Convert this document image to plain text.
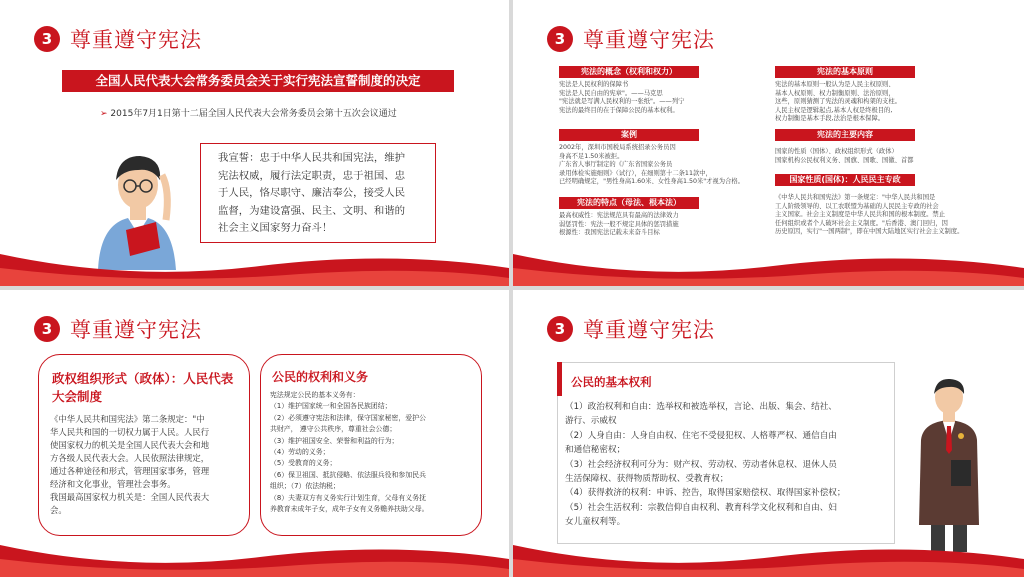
3 尊重遵守宪法
全国人民代表大会常务委员会关于实行宪法宣誓制度的决定
➢ 2015年7月1日第十二届全国人民代表大会常务委员会第十五次会议通过
我宣誓：忠于中华人民共和国宪法，维护
宪法权威，履行法定职责，忠于祖国、忠
于人民，恪尽职守、廉洁奉公，接受人民
监督，为建设富强、民主、文明、和谐的
社会主义国家努力奋斗！
3 尊重遵守宪法
宪法的概念（权利和权力）
宪法是人民权利的保障书
宪法是人民自由的宪章"。——马克思
"宪法就是写满人民权利的一张纸"。——列宁
宪法的最终目的在于保障公民的基本权利。
案例
2002年，深圳市国税局系统招录公务员因
身高不足1.50米被拒。
广东省人事厅制定的《广东省国家公务员
录用体检实施细则》（试行），在细则第十二条11款中，
已经明确规定，"男性身高1.60米、女性身高1.50米"才视为合格。
宪法的特点（母法、根本法）
最高权威性：宪法规范具有最高的法律效力
弱惩罚性：宪法一般不规定具体的惩罚措施
根源性：我国宪法记载未来奋斗目标
宪法的基本原则
宪法的基本原则一般认为是人民主权原则、
基本人权原则、权力制衡原则、法治原则，
这些，原则猜测了宪法的灵魂和构架的支柱。
人民主权是逻辑起点,基本人权是终极目的,
权力制衡是基本手段,法治是根本保障。
宪法的主要内容
国家的性质（国体）、政权组织形式（政体）
国家机构公民权利义务、国旗、国歌、国徽、首都
国家性质(国体)：人民民主专政
《中华人民共和国宪法》第一条规定："中华人民共和国是
工人阶级领导的、以工农联盟为基础的人民民主专政的社会
主义国家。社会主义制度是中华人民共和国的根本制度。禁止
任何组织或者个人破坏社会主义制度。"后香港、澳门回归，因
历史原因，实行"一国两制"，即在中国大陆地区实行社会主义制度。
3 尊重遵守宪法
政权组织形式（政体）：人民代表大会制度
《中华人民共和国宪法》第二条规定："中
华人民共和国的一切权力属于人民。人民行
使国家权力的机关是全国人民代表大会和地
方各级人民代表大会。人民依照法律规定，
通过各种途径和形式，管理国家事务，管理
经济和文化事业，管理社会事务。
我国最高国家权力机关是：全国人民代表大
会。
公民的权利和义务
宪法规定公民的基本义务有：
（1）维护国家统一和全国各民族团结；
（2）必须遵守宪法和法律，保守国家秘密，爱护公
共财产， 遵守公共秩序，尊重社会公德；
（3）维护祖国安全、荣誉和利益的行为；
（4）劳动的义务；
（5）受教育的义务；
（6）保卫祖国、抵抗侵略、依法服兵役和参加民兵
组织；（7）依法纳税；
（8）夫妻双方有义务实行计划生育，父母有义务抚
养教育未成年子女，成年子女有义务赡养扶助父母。
3 尊重遵守宪法
公民的基本权利
（1）政治权利和自由：选举权和被选举权，言论、出版、集会、结社、
游行、示威权
（2）人身自由：人身自由权、住宅不受侵犯权、人格尊严权、通信自由
和通信秘密权；
（3）社会经济权利可分为：财产权、劳动权、劳动者休息权、退休人员
生活保障权、获得物质帮助权、受教育权；
（4）获得救济的权利：申诉、控告，取得国家赔偿权、取得国家补偿权；
（5）社会生活权利：宗教信仰自由权利、教育科学文化权利和自由、妇
女儿童权利等。
